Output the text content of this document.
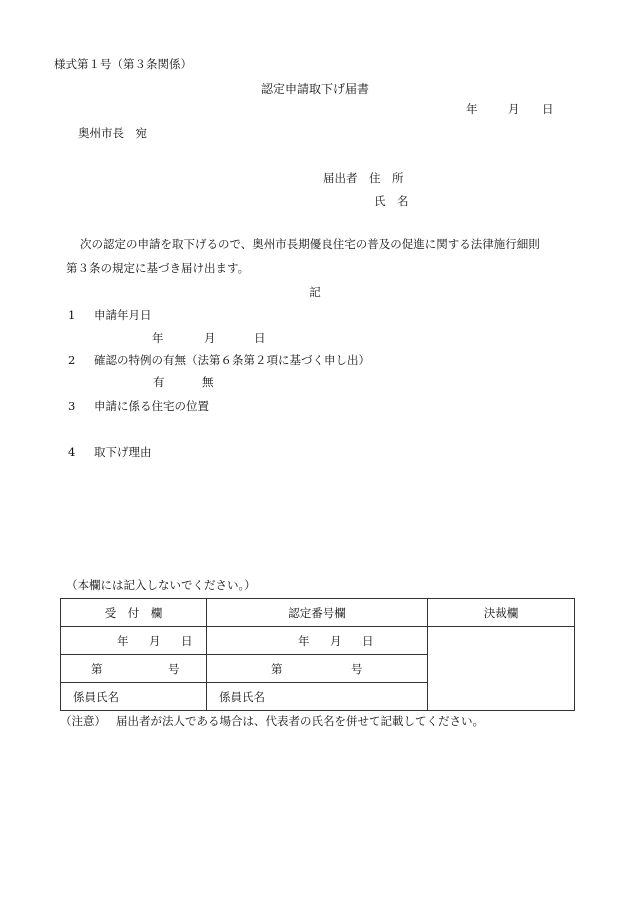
様式第１号（第３条関係）

認定申請取下げ届書

年	月 日

奥州市長　宛

届出者　住　所

氏　名

次の認定の申請を取下げるので、奥州市長期優良住宅の普及の促進に関する法律施行細則

第３条の規定に基づき届け出ます。

記

1 申請年月日

年	月	日

2 確認の特例の有無（法第６条第２項に基づく申し出）

有	無

3 申請に係る住宅の位置

4 取下げ理由

（本欄には記入しないでください。）

受　付　欄	認定番号欄	決裁欄
年 月 日	年 月 日	
第 号	第 号	
係員氏名	係員氏名	

（注意） 届出者が法人である場合は、代表者の氏名を併せて記載してください。
